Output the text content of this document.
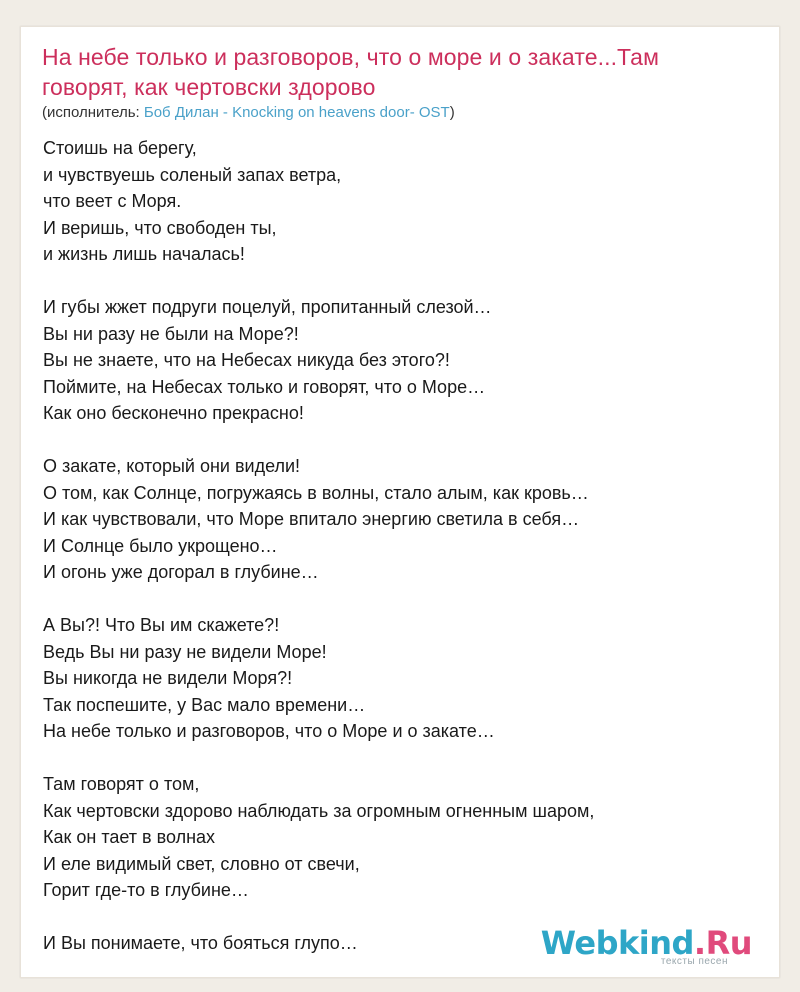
На небе только и разговоров, что о море и о закате...Там говорят, как чертовски здорово
(исполнитель: Боб Дилан - Knocking on heavens door- OST)
Стоишь на берегу,
и чувствуешь соленый запах ветра,
что веет с Моря.
И веришь, что свободен ты,
и жизнь лишь началась!
И губы жжет подруги поцелуй, пропитанный слезой…
Вы ни разу не были на Море?!
Вы не знаете, что на Небесах никуда без этого?!
Поймите, на Небесах только и говорят, что о Море…
Как оно бесконечно прекрасно!
О закате, который они видели!
О том, как Солнце, погружаясь в волны, стало алым, как кровь…
И как чувствовали, что Море впитало энергию светила в себя…
И Солнце было укрощено…
И огонь уже догорал в глубине…
А Вы?! Что Вы им скажете?!
Ведь Вы ни разу не видели Море!
Вы никогда не видели Моря?!
Так поспешите, у Вас мало времени…
На небе только и разговоров, что о Море и о закате…
Там говорят о том,
Как чертовски здорово наблюдать за огромным огненным шаром,
Как он тает в волнах
И еле видимый свет, словно от свечи,
Горит где-то в глубине…
И Вы понимаете, что бояться глупо…	Webkind.Ru
тексты песен
